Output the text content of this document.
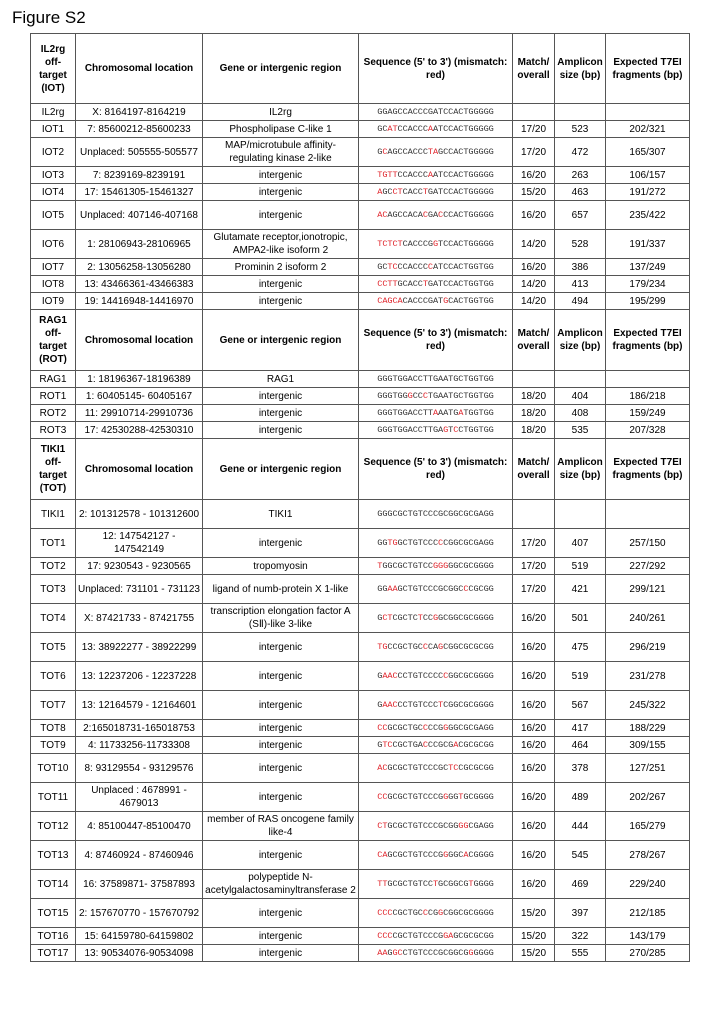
Figure S2
IL2rg off-target (IOT)	Chromosomal location	Gene or intergenic region	Sequence (5' to 3') (mismatch: red)	Match/ overall	Amplicon size (bp)	Expected T7EI fragments (bp)
IL2rg	X: 8164197-8164219	IL2rg	GGAGCCACCCGATCCACTGGGGG			
IOT1	7: 85600212-85600233	Phospholipase C-like 1	GCATCCACCCAATCCACTGGGGG	17/20	523	202/321
IOT2	Unplaced: 505555-505577	MAP/microtubule affinity-regulating kinase 2-like	GCAGCCACCCTAGCCACTGGGGG	17/20	472	165/307
IOT3	7: 8239169-8239191	intergenic	TGTTCCACCCAATCCACTGGGGG	16/20	263	106/157
IOT4	17: 15461305-15461327	intergenic	AGCCTCACCTGATCCACTGGGGG	15/20	463	191/272
IOT5	Unplaced: 407146-407168	intergenic	ACAGCCACACGACCCACTGGGGG	16/20	657	235/422
IOT6	1: 28106943-28106965	Glutamate receptor,ionotropic, AMPA2-like isoform 2	TCTCTCACCCGGTCCACTGGGGG	14/20	528	191/337
IOT7	2: 13056258-13056280	Prominin 2 isoform 2	GCTCCCACCCCATCCACTGGTGG	16/20	386	137/249
IOT8	13: 43466361-43466383	intergenic	CCTTGCACCTGATCCACTGGTGG	14/20	413	179/234
IOT9	19: 14416948-14416970	intergenic	CAGCACACCCGATGCACTGGTGG	14/20	494	195/299
RAG1 off-target (ROT)	Chromosomal location	Gene or intergenic region	Sequence (5' to 3') (mismatch: red)	Match/ overall	Amplicon size (bp)	Expected T7EI fragments (bp)
RAG1	1: 18196367-18196389	RAG1	GGGTGGACCTTGAATGCTGGTGG			
ROT1	1: 60405145- 60405167	intergenic	GGGTGGGCCCTGAATGCTGGTGG	18/20	404	186/218
ROT2	11: 29910714-29910736	intergenic	GGGTGGACCTTAAATGATGGTGG	18/20	408	159/249
ROT3	17: 42530288-42530310	intergenic	GGGTGGACCTTGAGTCCTGGTGG	18/20	535	207/328
TIKI1 off-target (TOT)	Chromosomal location	Gene or intergenic region	Sequence (5' to 3') (mismatch: red)	Match/ overall	Amplicon size (bp)	Expected T7EI fragments (bp)
TIKI1	2: 101312578 - 101312600	TIKI1	GGGCGCTGTCCCGCGGCGCGAGG			
TOT1	12: 147542127 - 147542149	intergenic	GGTGGCTGTCCCCCGGCGCGAGG	17/20	407	257/150
TOT2	17: 9230543 - 9230565	tropomyosin	TGGCGCTGTCCGGGGGCGCGGGG	17/20	519	227/292
TOT3	Unplaced: 731101 - 731123	ligand of numb-protein X 1-like	GGAAGCTGTCCCGCGGCCCGCGG	17/20	421	299/121
TOT4	X: 87421733 - 87421755	transcription elongation factor A (SⅡ)-like 3-like	GCTCGCTCTCCGGCGGCGCGGGG	16/20	501	240/261
TOT5	13: 38922277 - 38922299	intergenic	TGCCGCTGCCCAGCGGCGCGCGG	16/20	475	296/219
TOT6	13: 12237206 - 12237228	intergenic	GAACCCTGTCCCCCGGCGCGGGG	16/20	519	231/278
TOT7	13: 12164579 - 12164601	intergenic	GAACCCTGTCCCTCGGCGCGGGG	16/20	567	245/322
TOT8	2:165018731-165018753	intergenic	CCGCGCTGCCCCGGGGCGCGAGG	16/20	417	188/229
TOT9	4: 11733256-11733308	intergenic	GTCCGCTGACCCGCGACGCGCGG	16/20	464	309/155
TOT10	8: 93129554 - 93129576	intergenic	ACGCGCTGTCCCGCTCCGCGCGG	16/20	378	127/251
TOT11	Unplaced : 4678991 - 4679013	intergenic	CCGCGCTGTCCCGGGGTGCGGGG	16/20	489	202/267
TOT12	4: 85100447-85100470	member of RAS oncogene family like-4	CTGCGCTGTCCCGCGGGGCGAGG	16/20	444	165/279
TOT13	4: 87460924 - 87460946	intergenic	CAGCGCTGTCCCGGGGCACGGGG	16/20	545	278/267
TOT14	16: 37589871- 37587893	polypeptide N-acetylgalactosaminyltransferase 2	TTGCGCTGTCCTGCGGCGTGGGG	16/20	469	229/240
TOT15	2: 157670770 - 157670792	intergenic	CCCCGCTGCCCGGCGGCGCGGGG	15/20	397	212/185
TOT16	15: 64159780-64159802	intergenic	CCCCGCTGTCCCGGAGCGCGCGG	15/20	322	143/179
TOT17	13: 90534076-90534098	intergenic	AAGGCCTGTCCCGCGGCGGGGGG	15/20	555	270/285
